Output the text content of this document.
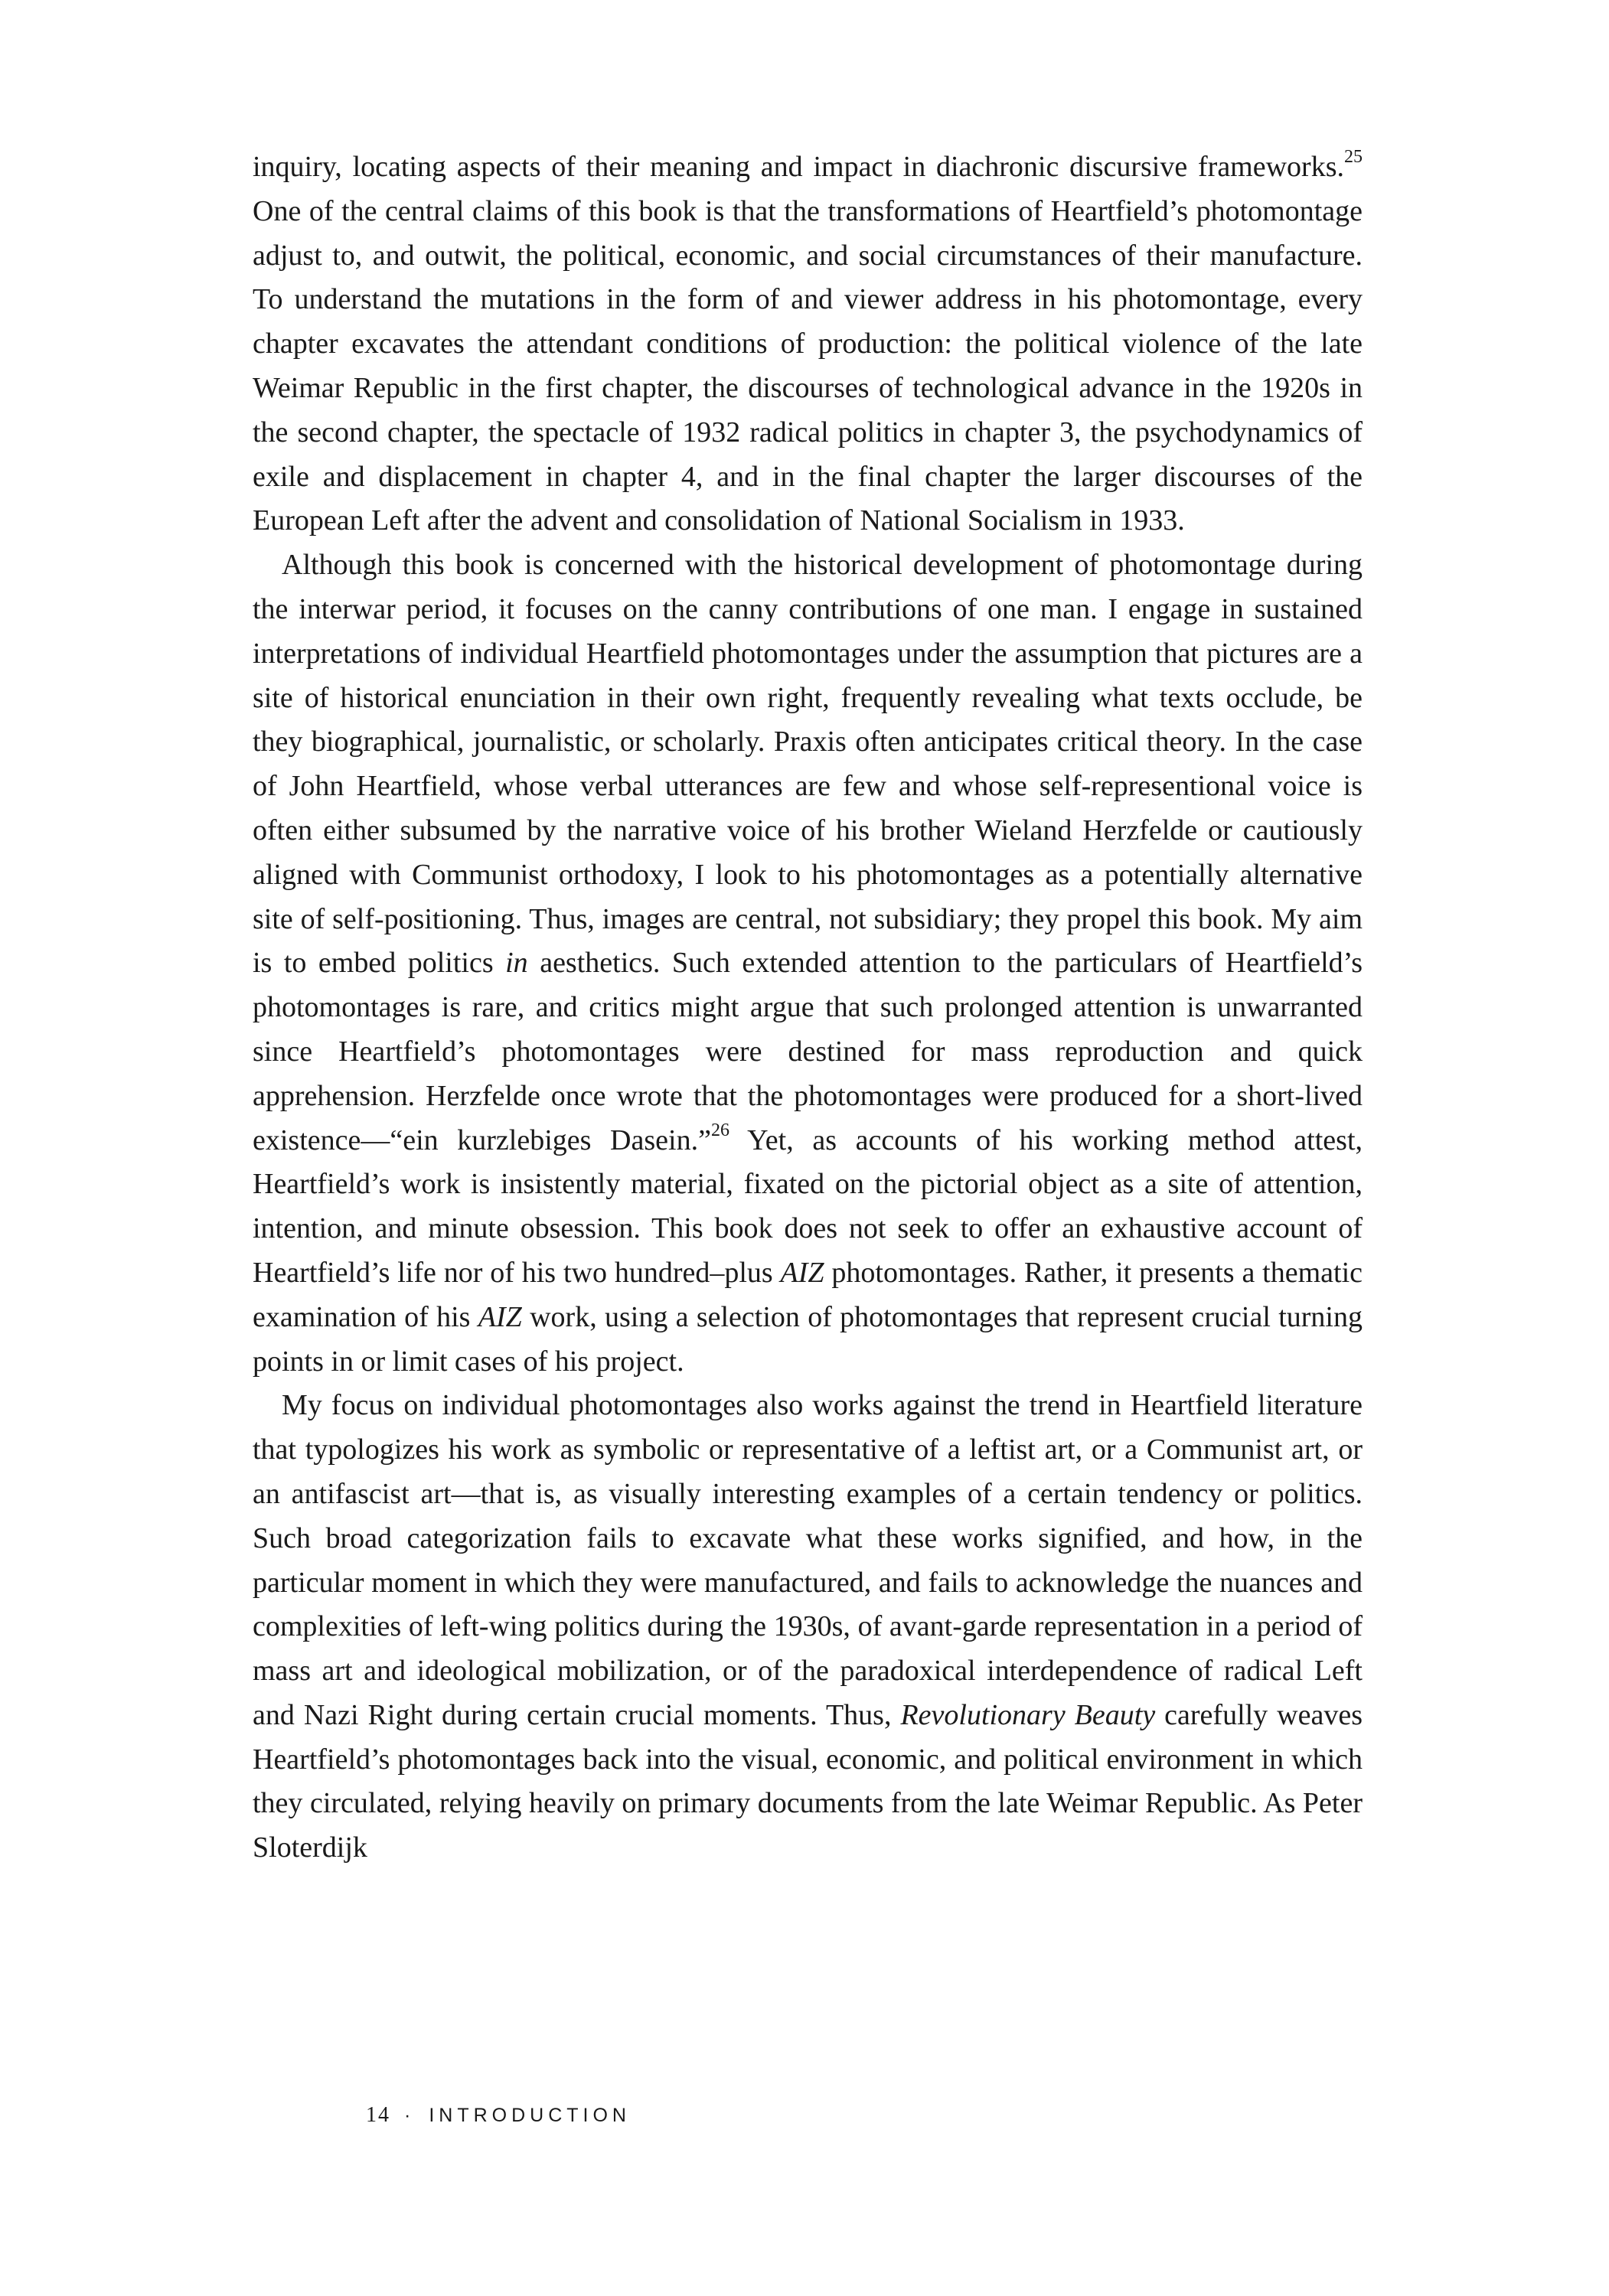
inquiry, locating aspects of their meaning and impact in diachronic discursive frameworks.$^{25}$ One of the central claims of this book is that the transformations of Heartfield’s photomontage adjust to, and outwit, the political, economic, and social circumstances of their manufacture. To understand the mutations in the form of and viewer address in his photomontage, every chapter excavates the attendant conditions of production: the political violence of the late Weimar Republic in the first chapter, the discourses of technological advance in the 1920s in the second chapter, the spectacle of 1932 radical politics in chapter 3, the psychodynamics of exile and displacement in chapter 4, and in the final chapter the larger discourses of the European Left after the advent and consolidation of National Socialism in 1933.

Although this book is concerned with the historical development of photomontage during the interwar period, it focuses on the canny contributions of one man. I engage in sustained interpretations of individual Heartfield photomontages under the assumption that pictures are a site of historical enunciation in their own right, frequently revealing what texts occlude, be they biographical, journalistic, or scholarly. Praxis often anticipates critical theory. In the case of John Heartfield, whose verbal utterances are few and whose self-representional voice is often either subsumed by the narrative voice of his brother Wieland Herzfelde or cautiously aligned with Communist orthodoxy, I look to his photomontages as a potentially alternative site of self-positioning. Thus, images are central, not subsidiary; they propel this book. My aim is to embed politics in aesthetics. Such extended attention to the particulars of Heartfield’s photomontages is rare, and critics might argue that such prolonged attention is unwarranted since Heartfield’s photomontages were destined for mass reproduction and quick apprehension. Herzfelde once wrote that the photomontages were produced for a short-lived existence—“ein kurzlebiges Dasein.”$^{26}$ Yet, as accounts of his working method attest, Heartfield’s work is insistently material, fixated on the pictorial object as a site of attention, intention, and minute obsession. This book does not seek to offer an exhaustive account of Heartfield’s life nor of his two hundred–plus AIZ photomontages. Rather, it presents a thematic examination of his AIZ work, using a selection of photomontages that represent crucial turning points in or limit cases of his project.

My focus on individual photomontages also works against the trend in Heartfield literature that typologizes his work as symbolic or representative of a leftist art, or a Communist art, or an antifascist art—that is, as visually interesting examples of a certain tendency or politics. Such broad categorization fails to excavate what these works signified, and how, in the particular moment in which they were manufactured, and fails to acknowledge the nuances and complexities of left-wing politics during the 1930s, of avant-garde representation in a period of mass art and ideological mobilization, or of the paradoxical interdependence of radical Left and Nazi Right during certain crucial moments. Thus, Revolutionary Beauty carefully weaves Heartfield’s photomontages back into the visual, economic, and political environment in which they circulated, relying heavily on primary documents from the late Weimar Republic. As Peter Sloterdijk

14 · INTRODUCTION
